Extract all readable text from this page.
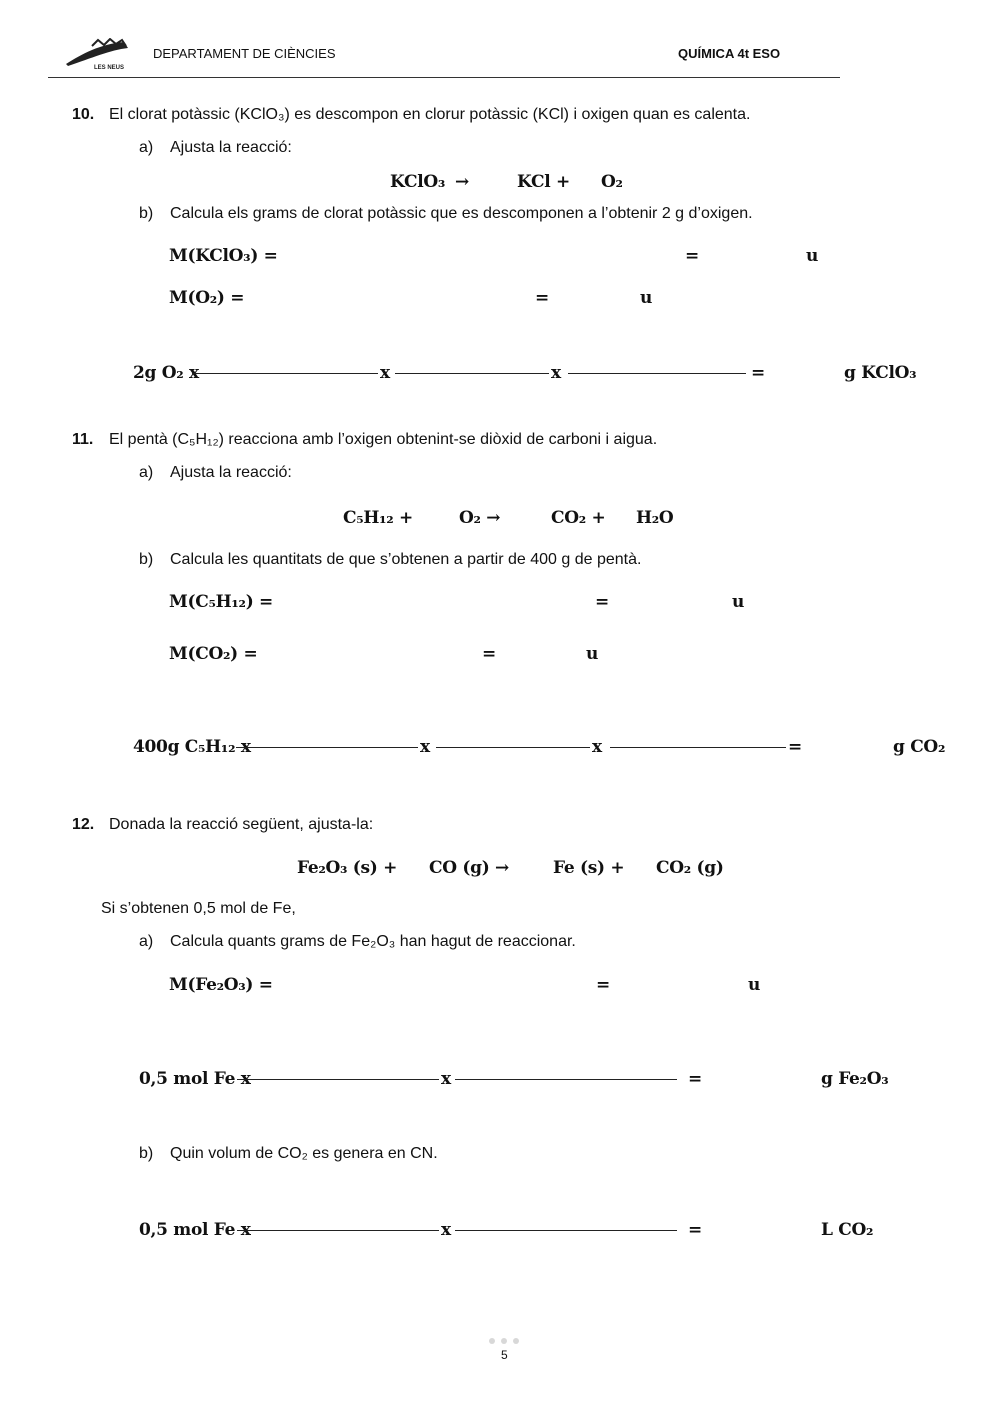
LES NEUS
DEPARTAMENT DE CIÈNCIES	QUÍMICA 4t ESO
10. El clorat potàssic (KClO₃) es descompon en clorur potàssic (KCl) i oxigen quan es calenta.
a) Ajusta la reacció:
KClO₃ →	KCl + O₂
b) Calcula els grams de clorat potàssic que es descomponen a l’obtenir 2 g d’oxigen.
M(KClO₃) =	=	u
M(O₂) =	=	u
2g O₂ x	x	x	=	g KClO₃
11. El pentà (C₅H₁₂) reacciona amb l’oxigen obtenint-se diòxid de carboni i aigua.
a) Ajusta la reacció:
C₅H₁₂ +	O₂ →	CO₂ + H₂O
b) Calcula les quantitats de que s’obtenen a partir de 400 g de pentà.
M(C₅H₁₂) =	=	u
M(CO₂) =	=	u
400g C₅H₁₂ x	x	x	=	g CO₂
12. Donada la reacció següent, ajusta-la:
Fe₂O₃ (s) + CO (g) →	Fe (s) + CO₂ (g)
Si s’obtenen 0,5 mol de Fe,
a) Calcula quants grams de Fe₂O₃ han hagut de reaccionar.
M(Fe₂O₃) =	=	u
0,5 mol Fe x	x	=	g Fe₂O₃
b) Quin volum de CO₂ es genera en CN.
0,5 mol Fe x	x	=	L CO₂
5
